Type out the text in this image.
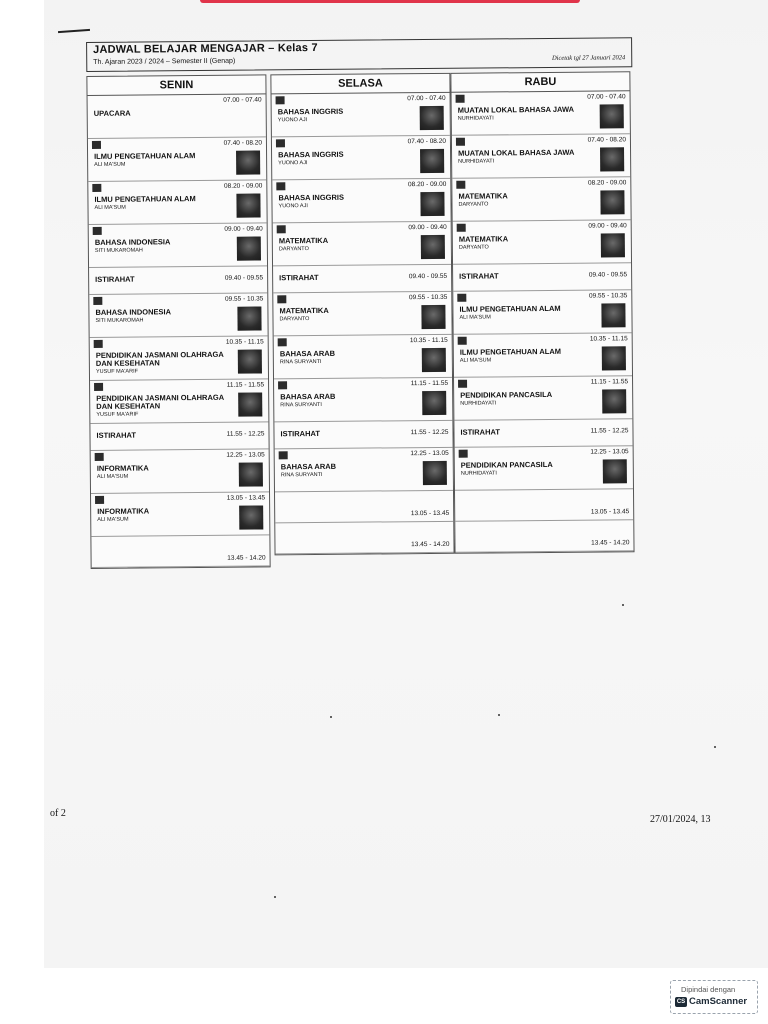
JADWAL BELAJAR MENGAJAR – Kelas 7
Th. Ajaran 2023 / 2024 – Semester II (Genap)	Dicetak tgl 27 Januari 2024
SENIN
07.00 - 07.40
UPACARA
07.40 - 08.20
ILMU PENGETAHUAN ALAM
ALI MA'SUM
08.20 - 09.00
ILMU PENGETAHUAN ALAM
ALI MA'SUM
09.00 - 09.40
BAHASA INDONESIA
SITI MUKAROMAH
09.40 - 09.55
ISTIRAHAT
09.55 - 10.35
BAHASA INDONESIA
SITI MUKAROMAH
10.35 - 11.15
PENDIDIKAN JASMANI OLAHRAGA DAN KESEHATAN
YUSUF MA'ARIF
11.15 - 11.55
PENDIDIKAN JASMANI OLAHRAGA DAN KESEHATAN
YUSUF MA'ARIF
11.55 - 12.25
ISTIRAHAT
12.25 - 13.05
INFORMATIKA
ALI MA'SUM
13.05 - 13.45
INFORMATIKA
ALI MA'SUM
13.45 - 14.20
SELASA
07.00 - 07.40
BAHASA INGGRIS
YUONO AJI
07.40 - 08.20
BAHASA INGGRIS
YUONO AJI
08.20 - 09.00
BAHASA INGGRIS
YUONO AJI
09.00 - 09.40
MATEMATIKA
DARYANTO
09.40 - 09.55
ISTIRAHAT
09.55 - 10.35
MATEMATIKA
DARYANTO
10.35 - 11.15
BAHASA ARAB
RINA SURYANTI
11.15 - 11.55
BAHASA ARAB
RINA SURYANTI
11.55 - 12.25
ISTIRAHAT
12.25 - 13.05
BAHASA ARAB
RINA SURYANTI
13.05 - 13.45
13.45 - 14.20
RABU
07.00 - 07.40
MUATAN LOKAL BAHASA JAWA
NURHIDAYATI
07.40 - 08.20
MUATAN LOKAL BAHASA JAWA
NURHIDAYATI
08.20 - 09.00
MATEMATIKA
DARYANTO
09.00 - 09.40
MATEMATIKA
DARYANTO
09.40 - 09.55
ISTIRAHAT
09.55 - 10.35
ILMU PENGETAHUAN ALAM
ALI MA'SUM
10.35 - 11.15
ILMU PENGETAHUAN ALAM
ALI MA'SUM
11.15 - 11.55
PENDIDIKAN PANCASILA
NURHIDAYATI
11.55 - 12.25
ISTIRAHAT
12.25 - 13.05
PENDIDIKAN PANCASILA
NURHIDAYATI
13.05 - 13.45
13.45 - 14.20
of 2
27/01/2024, 13
Dipindai dengan
CS CamScanner
